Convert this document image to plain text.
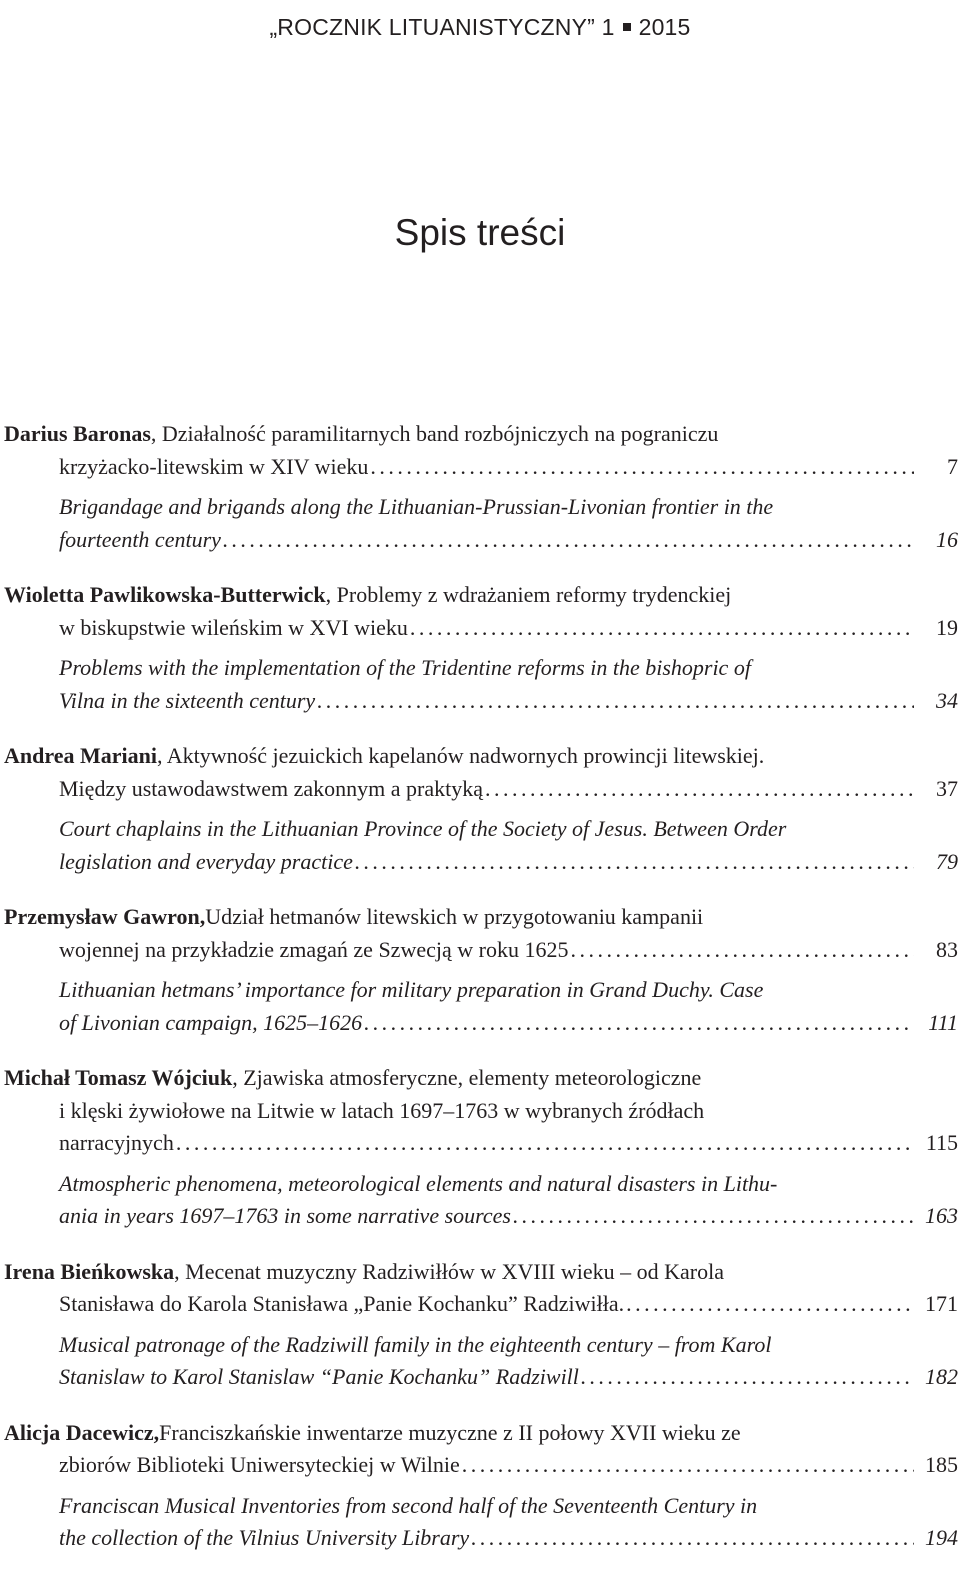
„ROCZNIK LITUANISTYCZNY” 1 2015
Spis treści
Darius Baronas , Działalność paramilitarnych band rozbójniczych na pograniczu
krzyżacko-litewskim w XIV wieku .....	7
Brigandage and brigands along the Lithuanian-Prussian-Livonian frontier in the
fourteenth century .....	16
Wioletta Pawlikowska-Butterwick , Problemy z wdrażaniem reformy trydenckiej
w biskupstwie wileńskim w XVI wieku .....	19
Problems with the implementation of the Tridentine reforms in the bishopric of
Vilna in the sixteenth century .....	34
Andrea Mariani , Aktywność jezuickich kapelanów nadwornych prowincji litewskiej.
Między ustawodawstwem zakonnym a praktyką .....	37
Court chaplains in the Lithuanian Province of the Society of Jesus. Between Order
legislation and everyday practice .....	79
Przemysław Gawron, Udział hetmanów litewskich w przygotowaniu kampanii
wojennej na przykładzie zmagań ze Szwecją w roku 1625 .....	83
Lithuanian hetmans’ importance for military preparation in Grand Duchy. Case
of Livonian campaign, 1625–1626 .....	111
Michał Tomasz Wójciuk , Zjawiska atmosferyczne, elementy meteorologiczne
i klęski żywiołowe na Litwie w latach 1697–1763 w wybranych źródłach
narracyjnych .....	115
Atmospheric phenomena, meteorological elements and natural disasters in Lithu-
ania in years 1697–1763 in some narrative sources .....	163
Irena Bieńkowska , Mecenat muzyczny Radziwiłłów w XVIII wieku – od Karola
Stanisława do Karola Stanisława „Panie Kochanku” Radziwiłła. .....	171
Musical patronage of the Radziwill family in the eighteenth century – from Karol
Stanislaw to Karol Stanislaw “Panie Kochanku” Radziwill .....	182
Alicja Dacewicz, Franciszkańskie inwentarze muzyczne z II połowy XVII wieku ze
zbiorów Biblioteki Uniwersyteckiej w Wilnie .....	185
Franciscan Musical Inventories from second half of the Seventeenth Century in
the collection of the Vilnius University Library .....	194
